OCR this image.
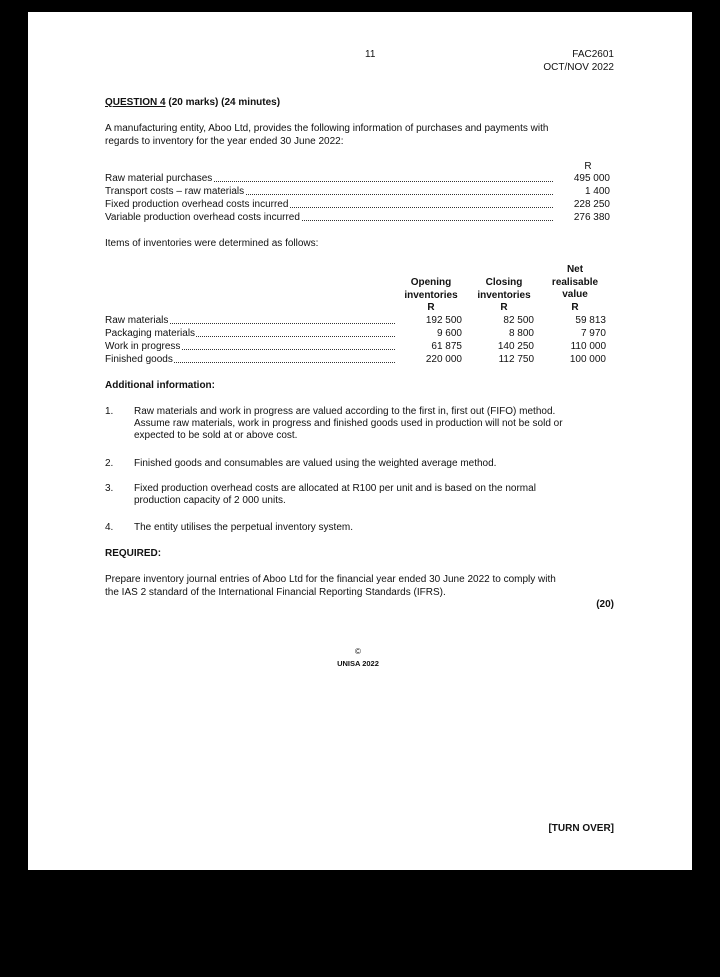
11	FAC2601
OCT/NOV 2022
QUESTION 4 (20 marks) (24 minutes)
A manufacturing entity, Aboo Ltd, provides the following information of purchases and payments with
regards to inventory for the year ended 30 June 2022:
R
Raw material purchases	495 000
Transport costs – raw materials	1 400
Fixed production overhead costs incurred	228 250
Variable production overhead costs incurred	276 380
Items of inventories were determined as follows:
Opening
inventories
R
Closing
inventories
R
Net
realisable
value
R
Raw materials	192 500	82 500	59 813
Packaging materials	9 600	8 800	7 970
Work in progress	61 875	140 250	110 000
Finished goods	220 000	112 750	100 000
Additional information:
1. Raw materials and work in progress are valued according to the first in, first out (FIFO) method.
Assume raw materials, work in progress and finished goods used in production will not be sold or
expected to be sold at or above cost.
2. Finished goods and consumables are valued using the weighted average method.
3. Fixed production overhead costs are allocated at R100 per unit and is based on the normal
production capacity of 2 000 units.
4. The entity utilises the perpetual inventory system.
REQUIRED:
Prepare inventory journal entries of Aboo Ltd for the financial year ended 30 June 2022 to comply with
the IAS 2 standard of the International Financial Reporting Standards (IFRS).
(20)
©
UNISA 2022
[TURN OVER]
